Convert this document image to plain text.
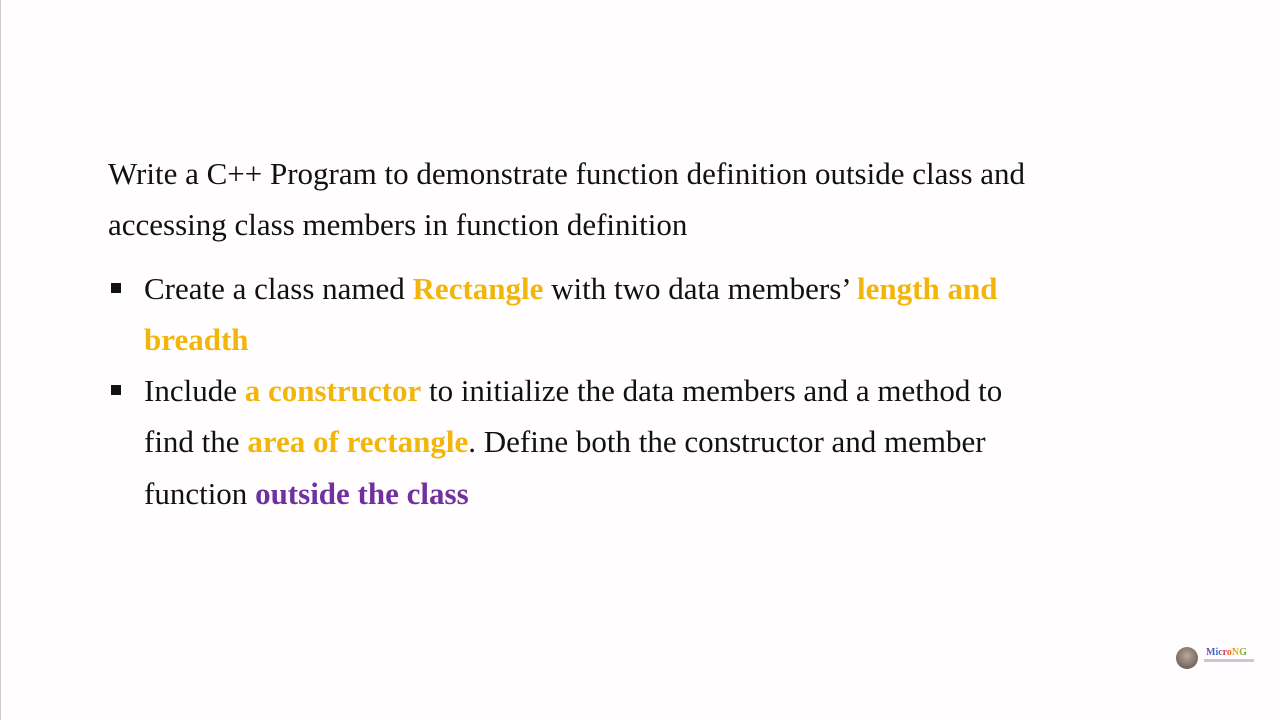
Write a C++ Program to demonstrate function definition outside class and
accessing class members in function definition
Create a class named Rectangle with two data members’ length and
breadth
Include a constructor to initialize the data members and a method to
find the area of rectangle. Define both the constructor and member
function outside the class
MicroNG
